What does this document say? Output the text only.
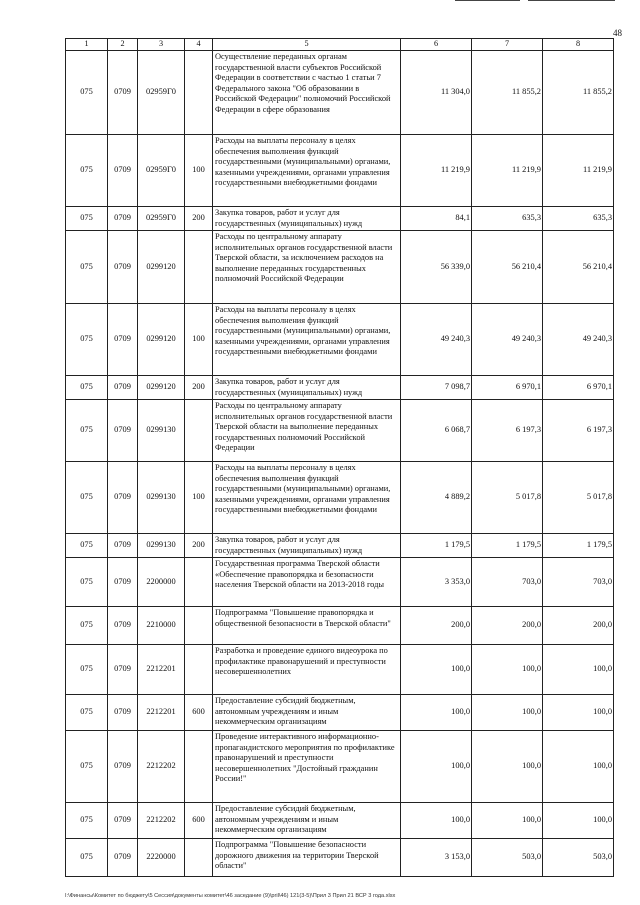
48
1	2	3	4	5	6	7	8
075	0709	02959Г0		Осуществление переданных органам государственной власти субъектов Российской Федерации в соответствии с частью 1 статьи 7 Федерального закона "Об образовании в Российской Федерации" полномочий Российской Федерации в сфере образования	11 304,0	11 855,2	11 855,2
075	0709	02959Г0	100	Расходы на выплаты персоналу в целях обеспечения выполнения функций государственными (муниципальными) органами, казенными учреждениями, органами управления государственными внебюджетными фондами	11 219,9	11 219,9	11 219,9
075	0709	02959Г0	200	Закупка товаров, работ и услуг для государственных (муниципальных) нужд	84,1	635,3	635,3
075	0709	0299120		Расходы по центральному аппарату исполнительных органов государственной власти Тверской области, за исключением расходов на выполнение переданных государственных полномочий Российской Федерации	56 339,0	56 210,4	56 210,4
075	0709	0299120	100	Расходы на выплаты персоналу в целях обеспечения выполнения функций государственными (муниципальными) органами, казенными учреждениями, органами управления государственными внебюджетными фондами	49 240,3	49 240,3	49 240,3
075	0709	0299120	200	Закупка товаров, работ и услуг для государственных (муниципальных) нужд	7 098,7	6 970,1	6 970,1
075	0709	0299130		Расходы по центральному аппарату исполнительных органов государственной власти Тверской области на выполнение переданных государственных полномочий Российской Федерации	6 068,7	6 197,3	6 197,3
075	0709	0299130	100	Расходы на выплаты персоналу в целях обеспечения выполнения функций государственными (муниципальными) органами, казенными учреждениями, органами управления государственными внебюджетными фондами	4 889,2	5 017,8	5 017,8
075	0709	0299130	200	Закупка товаров, работ и услуг для государственных (муниципальных) нужд	1 179,5	1 179,5	1 179,5
075	0709	2200000		Государственная программа Тверской области «Обеспечение правопорядка и безопасности населения Тверской области на 2013-2018 годы	3 353,0	703,0	703,0
075	0709	2210000		Подпрограмма "Повышение правопорядка и общественной безопасности в Тверской области"	200,0	200,0	200,0
075	0709	2212201		Разработка и проведение единого видеоурока по профилактике правонарушений и преступности несовершеннолетних	100,0	100,0	100,0
075	0709	2212201	600	Предоставление субсидий бюджетным, автономным учреждениям и иным некоммерческим организациям	100,0	100,0	100,0
075	0709	2212202		Проведение интерактивного информационно-пропагандистского мероприятия по профилактике правонарушений и преступности несовершеннолетних "Достойный гражданин России!"	100,0	100,0	100,0
075	0709	2212202	600	Предоставление субсидий бюджетным, автономным учреждениям и иным некоммерческим организациям	100,0	100,0	100,0
075	0709	2220000		Подпрограмма "Повышение безопасности дорожного движения на территории Тверской области"	3 153,0	503,0	503,0
I:\Финансы\Комитет по бюджету\5 Сессия\документы комитет\46 заседание (9)\pril\46) 121(3-5)\Прил 3 Прил 21 ВСР 3 года.xlsx
